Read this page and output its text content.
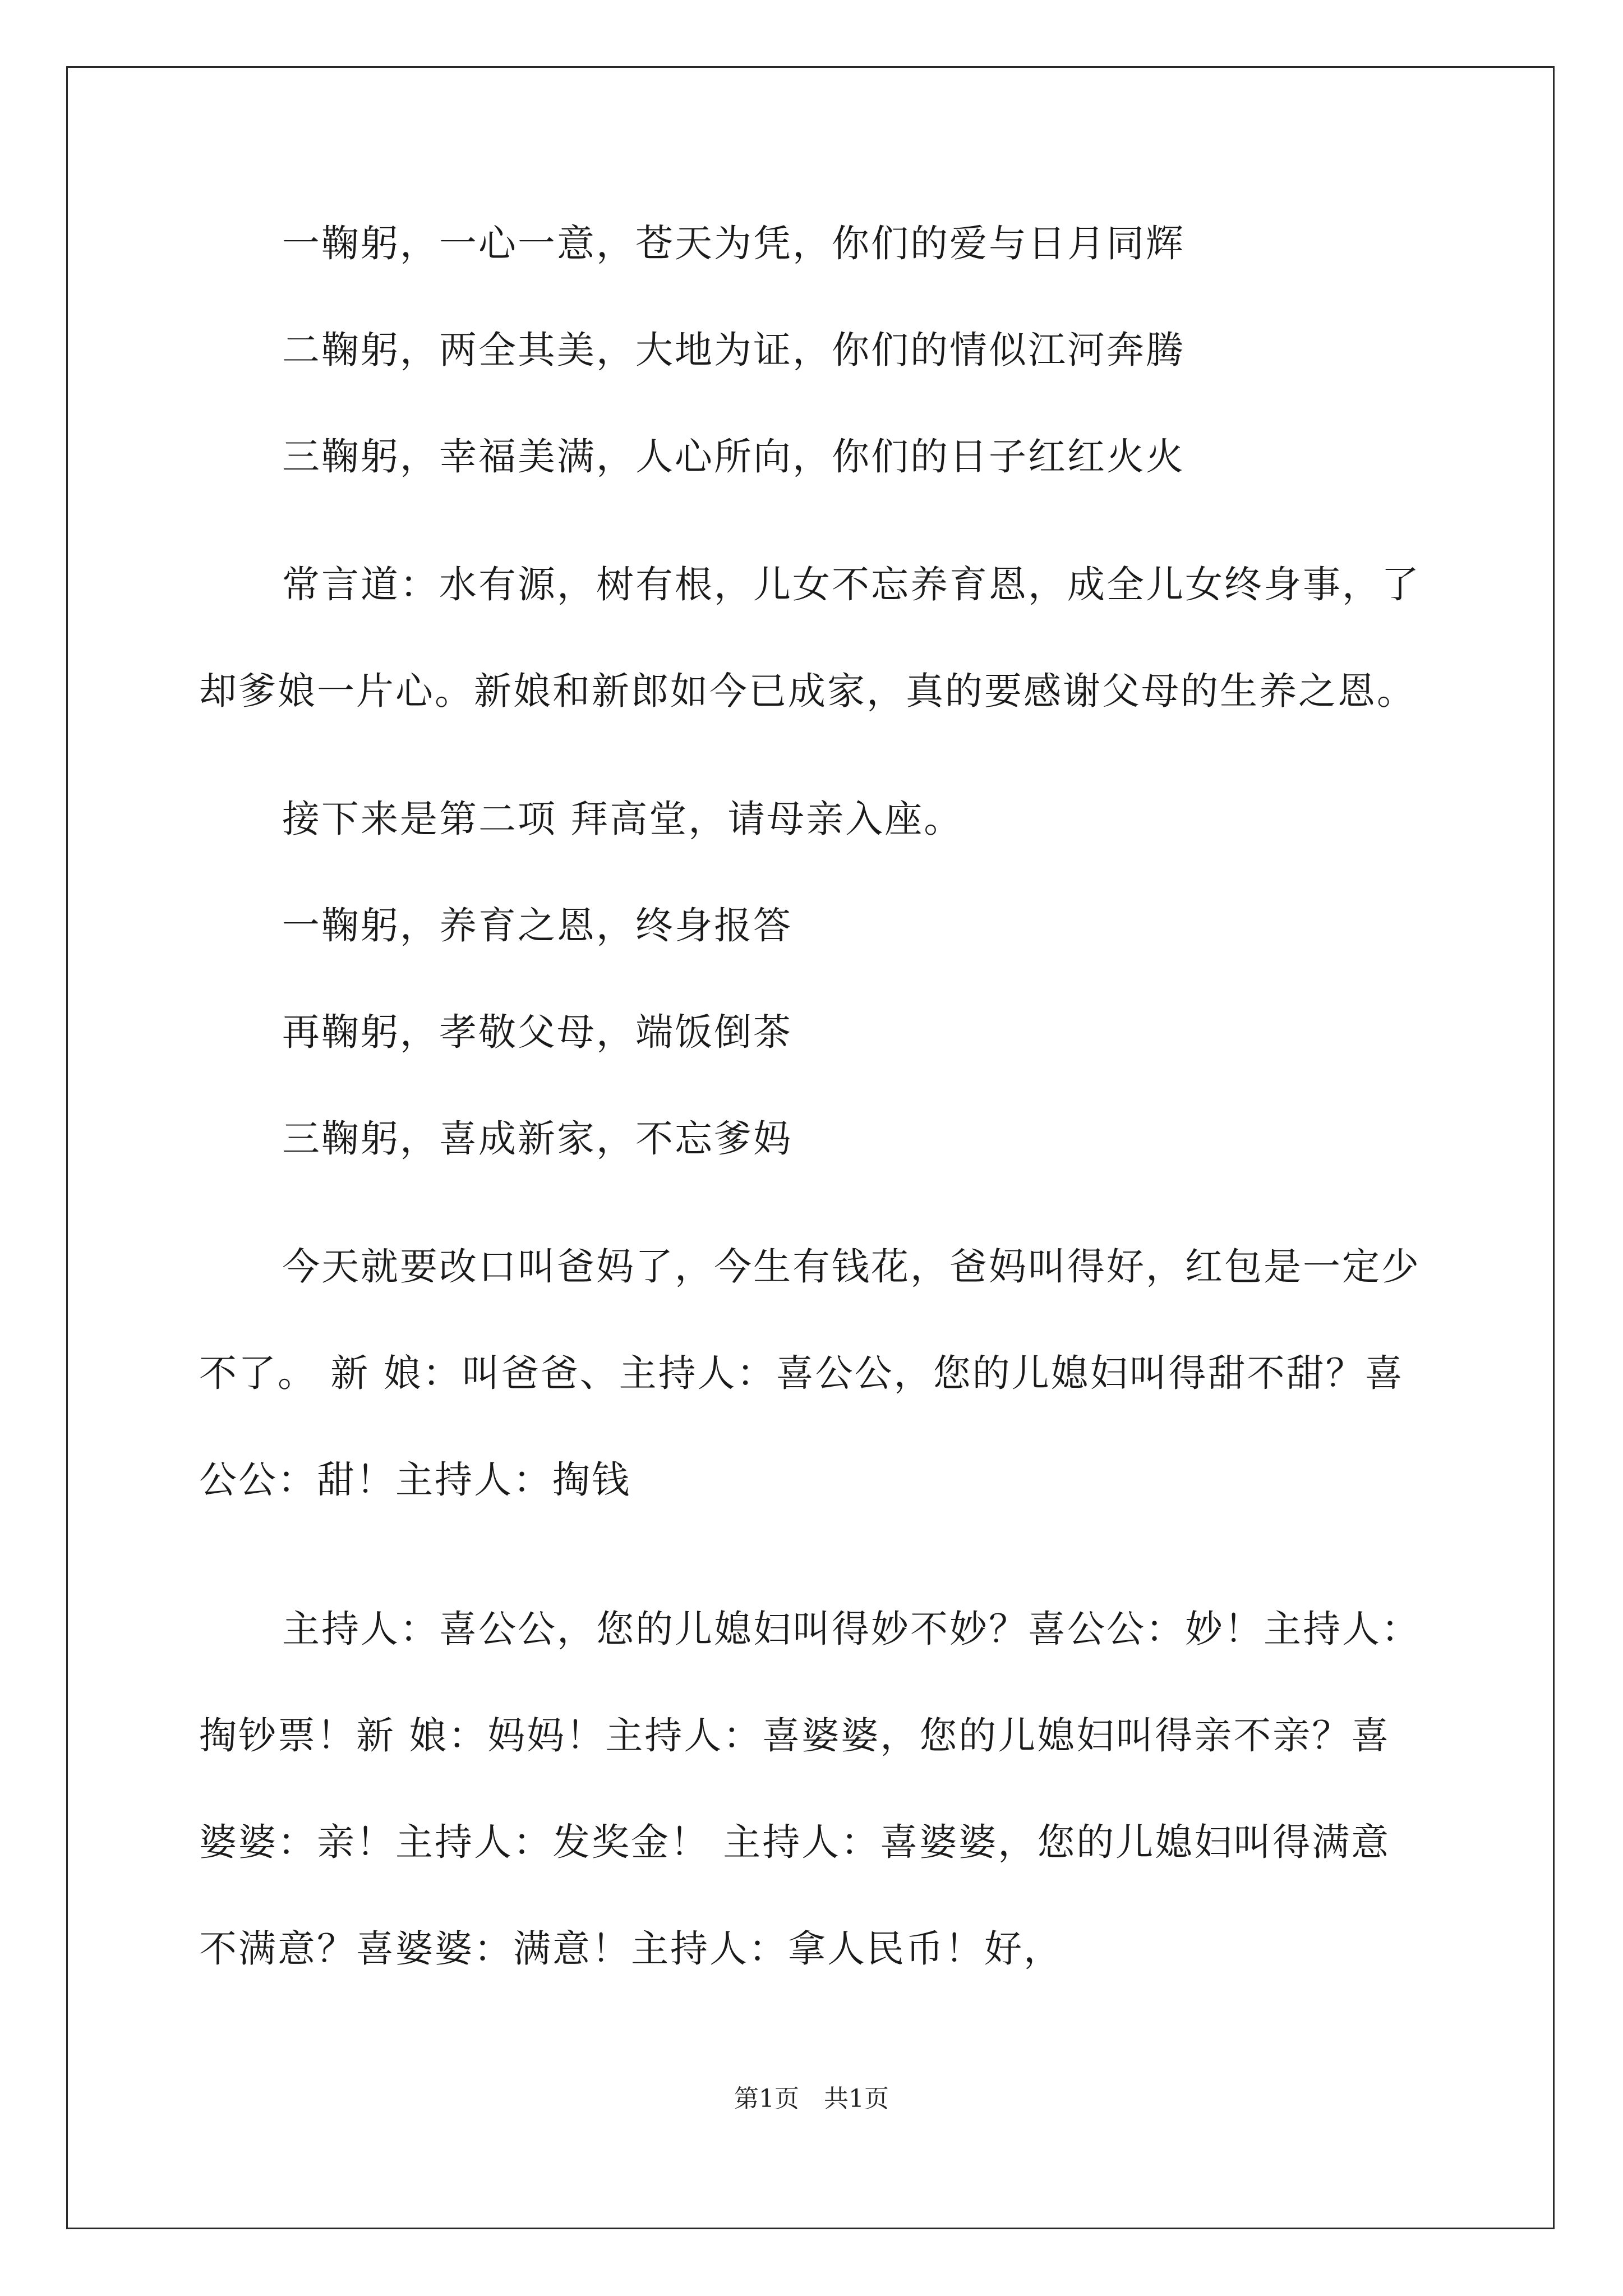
一鞠躬，一心一意，苍天为凭，你们的爱与日月同辉

二鞠躬，两全其美，大地为证，你们的情似江河奔腾

三鞠躬，幸福美满，人心所向，你们的日子红红火火

常言道：水有源，树有根，儿女不忘养育恩，成全儿女终身事，了却爹娘一片心。新娘和新郎如今已成家，真的要感谢父母的生养之恩。

接下来是第二项 拜高堂，请母亲入座。

一鞠躬，养育之恩，终身报答

再鞠躬，孝敬父母，端饭倒茶

三鞠躬，喜成新家，不忘爹妈

今天就要改口叫爸妈了，今生有钱花，爸妈叫得好，红包是一定少不了。 新 娘：叫爸爸、主持人：喜公公，您的儿媳妇叫得甜不甜？喜公公：甜！主持人：掏钱

主持人：喜公公，您的儿媳妇叫得妙不妙？喜公公：妙！主持人：掏钞票！新 娘：妈妈！主持人：喜婆婆，您的儿媳妇叫得亲不亲？喜婆婆：亲！主持人：发奖金！ 主持人：喜婆婆，您的儿媳妇叫得满意不满意？喜婆婆：满意！主持人：拿人民币！好，

第1页　共1页
